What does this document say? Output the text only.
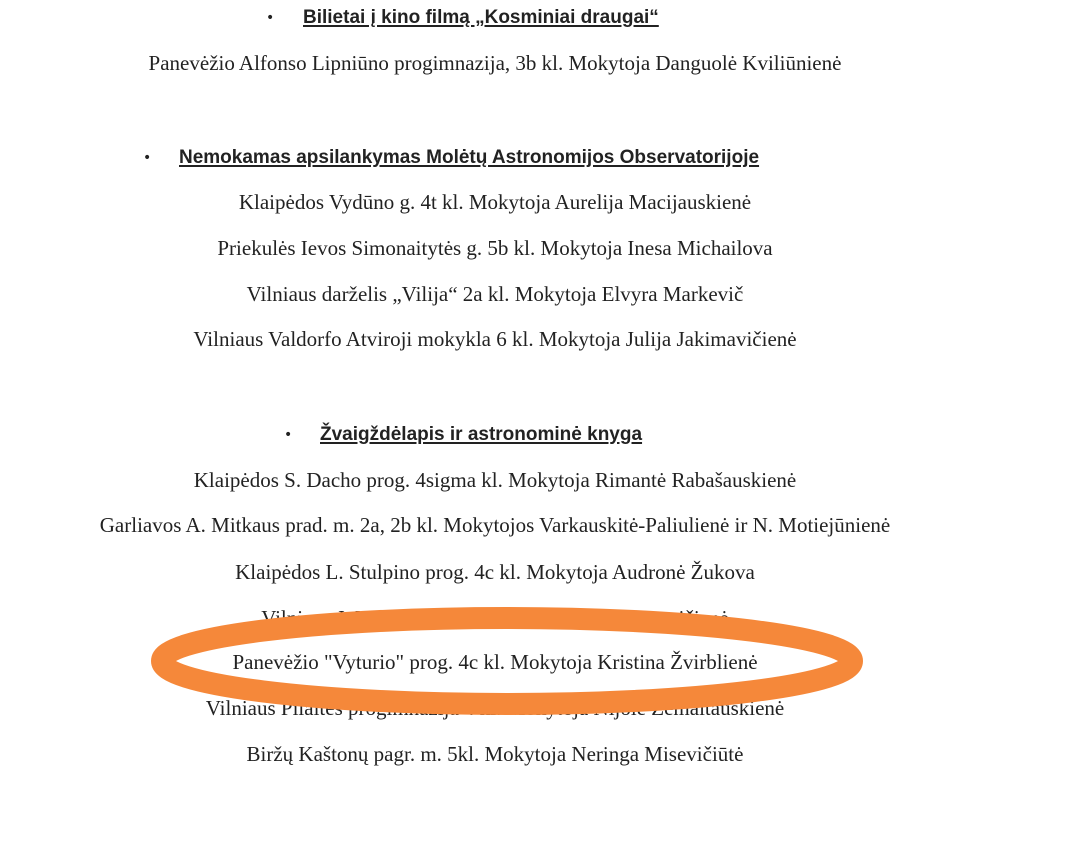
• Bilietai į kino filmą „Kosminiai draugai“
Panevėžio Alfonso Lipniūno progimnazija, 3b kl. Mokytoja Danguolė Kviliūnienė
• Nemokamas apsilankymas Molėtų Astronomijos Observatorijoje
Klaipėdos Vydūno g. 4t kl. Mokytoja Aurelija Macijauskienė
Priekulės Ievos Simonaitytės g. 5b kl. Mokytoja Inesa Michailova
Vilniaus darželis „Vilija“ 2a kl. Mokytoja Elvyra Markevič
Vilniaus Valdorfo Atviroji mokykla 6 kl. Mokytoja Julija Jakimavičienė
• Žvaigždėlapis ir astronominė knyga
Klaipėdos S. Dacho prog. 4sigma kl. Mokytoja Rimantė Rabašauskienė
Garliavos A. Mitkaus prad. m. 2a, 2b kl. Mokytojos Varkauskitė-Paliulienė ir N. Motiejūnienė
Klaipėdos L. Stulpino prog. 4c kl. Mokytoja Audronė Žukova
Vilniaus J. Masioto prad. m. 4c kl. Lina Kasperavičienė
Panevėžio "Vyturio" prog. 4c kl. Mokytoja Kristina Žvirblienė
Vilniaus Pilaitės progimnazija 4 kl. Mokytoja Nijolė Žemaitauskienė
Biržų Kaštonų pagr. m. 5kl. Mokytoja Neringa Misevičiūtė
